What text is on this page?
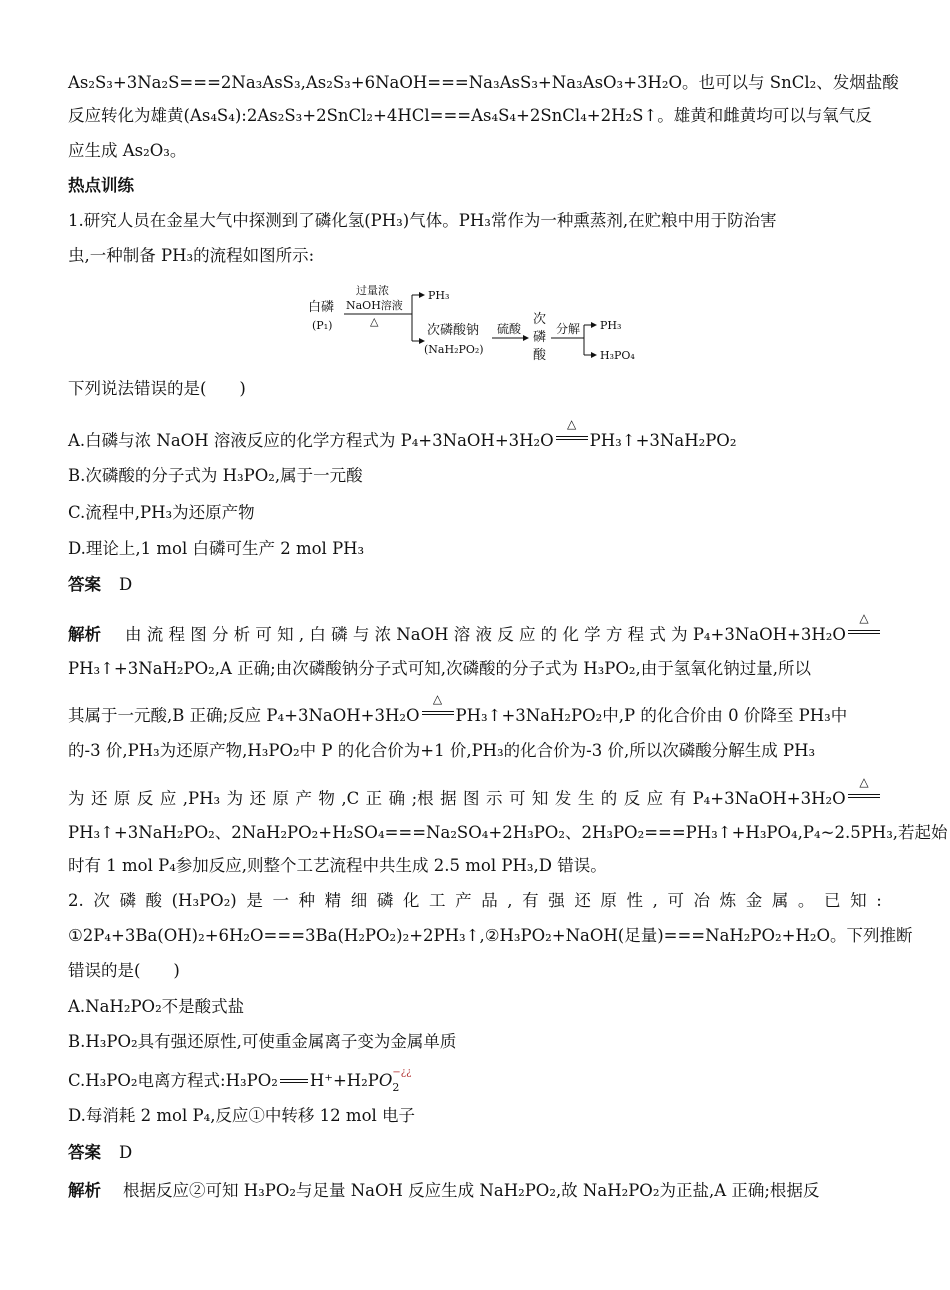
As₂S₃+3Na₂S===2Na₃AsS₃,As₂S₃+6NaOH===Na₃AsS₃+Na₃AsO₃+3H₂O。也可以与 SnCl₂、发烟盐酸
反应转化为雄黄(As₄S₄):2As₂S₃+2SnCl₂+4HCl===As₄S₄+2SnCl₄+2H₂S↑。雄黄和雌黄均可以与氧气反
应生成 As₂O₃。
热点训练
1.研究人员在金星大气中探测到了磷化氢(PH₃)气体。PH₃常作为一种熏蒸剂,在贮粮中用于防治害
虫,一种制备 PH₃的流程如图所示:
白磷
(P₁)
过量浓
NaOH溶液
△
PH₃
次磷酸钠
(NaH₂PO₂)
硫酸
次
磷
酸
分解 PH₃
H₃PO₄
下列说法错误的是(　　)
A.白磷与浓 NaOH 溶液反应的化学方程式为 P₄+3NaOH+3H₂O
△
PH₃↑+3NaH₂PO₂
B.次磷酸的分子式为 H₃PO₂,属于一元酸
C.流程中,PH₃为还原产物
D.理论上,1 mol 白磷可生产 2 mol PH₃
答案 D
解析 由 流 程 图 分 析 可 知 , 白 磷 与 浓 NaOH 溶 液 反 应 的 化 学 方 程 式 为 P₄+3NaOH+3H₂O
△
PH₃↑+3NaH₂PO₂,A 正确;由次磷酸钠分子式可知,次磷酸的分子式为 H₃PO₂,由于氢氧化钠过量,所以
其属于一元酸,B 正确;反应 P₄+3NaOH+3H₂O
△
PH₃↑+3NaH₂PO₂中,P 的化合价由 0 价降至 PH₃中
的-3 价,PH₃为还原产物,H₃PO₂中 P 的化合价为+1 价,PH₃的化合价为-3 价,所以次磷酸分解生成 PH₃
为 还 原 反 应 ,PH₃ 为 还 原 产 物 ,C 正 确 ;根 据 图 示 可 知 发 生 的 反 应 有 P₄+3NaOH+3H₂O
△
PH₃↑+3NaH₂PO₂、2NaH₂PO₂+H₂SO₄===Na₂SO₄+2H₃PO₂、2H₃PO₂===PH₃↑+H₃PO₄,P₄~2.5PH₃,若起始
时有 1 mol P₄参加反应,则整个工艺流程中共生成 2.5 mol PH₃,D 错误。
2. 次 磷 酸 (H₃PO₂) 是 一 种 精 细 磷 化 工 产 品 , 有 强 还 原 性 , 可 冶 炼 金 属 。 已 知 :
①2P₄+3Ba(OH)₂+6H₂O===3Ba(H₂PO₂)₂+2PH₃↑,②H₃PO₂+NaOH(足量)===NaH₂PO₂+H₂O。下列推断
错误的是(　　)
A.NaH₂PO₂不是酸式盐
B.H₃PO₂具有强还原性,可使重金属离子变为金属单质
C.H₃PO₂电离方程式:H₃PO₂ H⁺+H₂PO −¿¿
2
D.每消耗 2 mol P₄,反应①中转移 12 mol 电子
答案 D
解析 根据反应②可知 H₃PO₂与足量 NaOH 反应生成 NaH₂PO₂,故 NaH₂PO₂为正盐,A 正确;根据反
